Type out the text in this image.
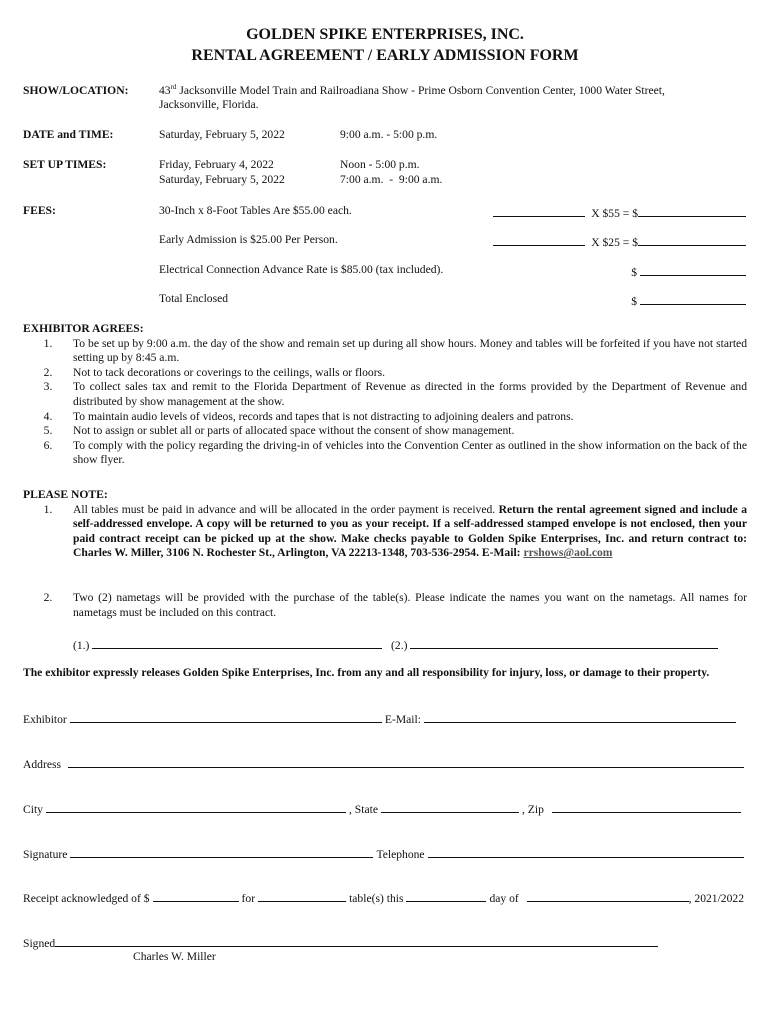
GOLDEN SPIKE ENTERPRISES, INC.
RENTAL AGREEMENT / EARLY ADMISSION FORM
SHOW/LOCATION:	43rd Jacksonville Model Train and Railroadiana Show - Prime Osborn Convention Center, 1000 Water Street,
Jacksonville, Florida.
DATE and TIME:	Saturday, February 5, 2022	9:00 a.m. - 5:00 p.m.
SET UP TIMES:	Friday, February 4, 2022	Noon - 5:00 p.m.
Saturday, February 5, 2022	7:00 a.m.  -  9:00 a.m.
FEES:	30-Inch x 8-Foot Tables Are $55.00 each.	X $55 = $
Early Admission is $25.00 Per Person.	X $25 = $
Electrical Connection Advance Rate is $85.00 (tax included).	$
Total Enclosed	$
EXHIBITOR AGREES:
1.	To be set up by 9:00 a.m. the day of the show and remain set up during all show hours. Money and tables will be forfeited if you have not started setting up by 8:45 a.m.
2.	Not to tack decorations or coverings to the ceilings, walls or floors.
3.	To collect sales tax and remit to the Florida Department of Revenue as directed in the forms provided by the Department of Revenue and distributed by show management at the show.
4.	To maintain audio levels of videos, records and tapes that is not distracting to adjoining dealers and patrons.
5.	Not to assign or sublet all or parts of allocated space without the consent of show management.
6.	To comply with the policy regarding the driving-in of vehicles into the Convention Center as outlined in the show information on the back of the show flyer.
PLEASE NOTE:
1.	All tables must be paid in advance and will be allocated in the order payment is received. Return the rental agreement signed and include a self-addressed envelope. A copy will be returned to you as your receipt. If a self-addressed stamped envelope is not enclosed, then your paid contract receipt can be picked up at the show. Make checks payable to Golden Spike Enterprises, Inc. and return contract to: Charles W. Miller, 3106 N. Rochester St., Arlington, VA 22213-1348, 703-536-2954. E-Mail: rrshows@aol.com
2.	Two (2) nametags will be provided with the purchase of the table(s). Please indicate the names you want on the nametags. All names for nametags must be included on this contract.
(1.)	(2.)
The exhibitor expressly releases Golden Spike Enterprises, Inc. from any and all responsibility for injury, loss, or damage to their property.
Exhibitor	E-Mail:
Address
City	, State	, Zip
Signature	Telephone
Receipt acknowledged of $	for	table(s) this	day of	, 2021/2022
Signed
Charles W. Miller
